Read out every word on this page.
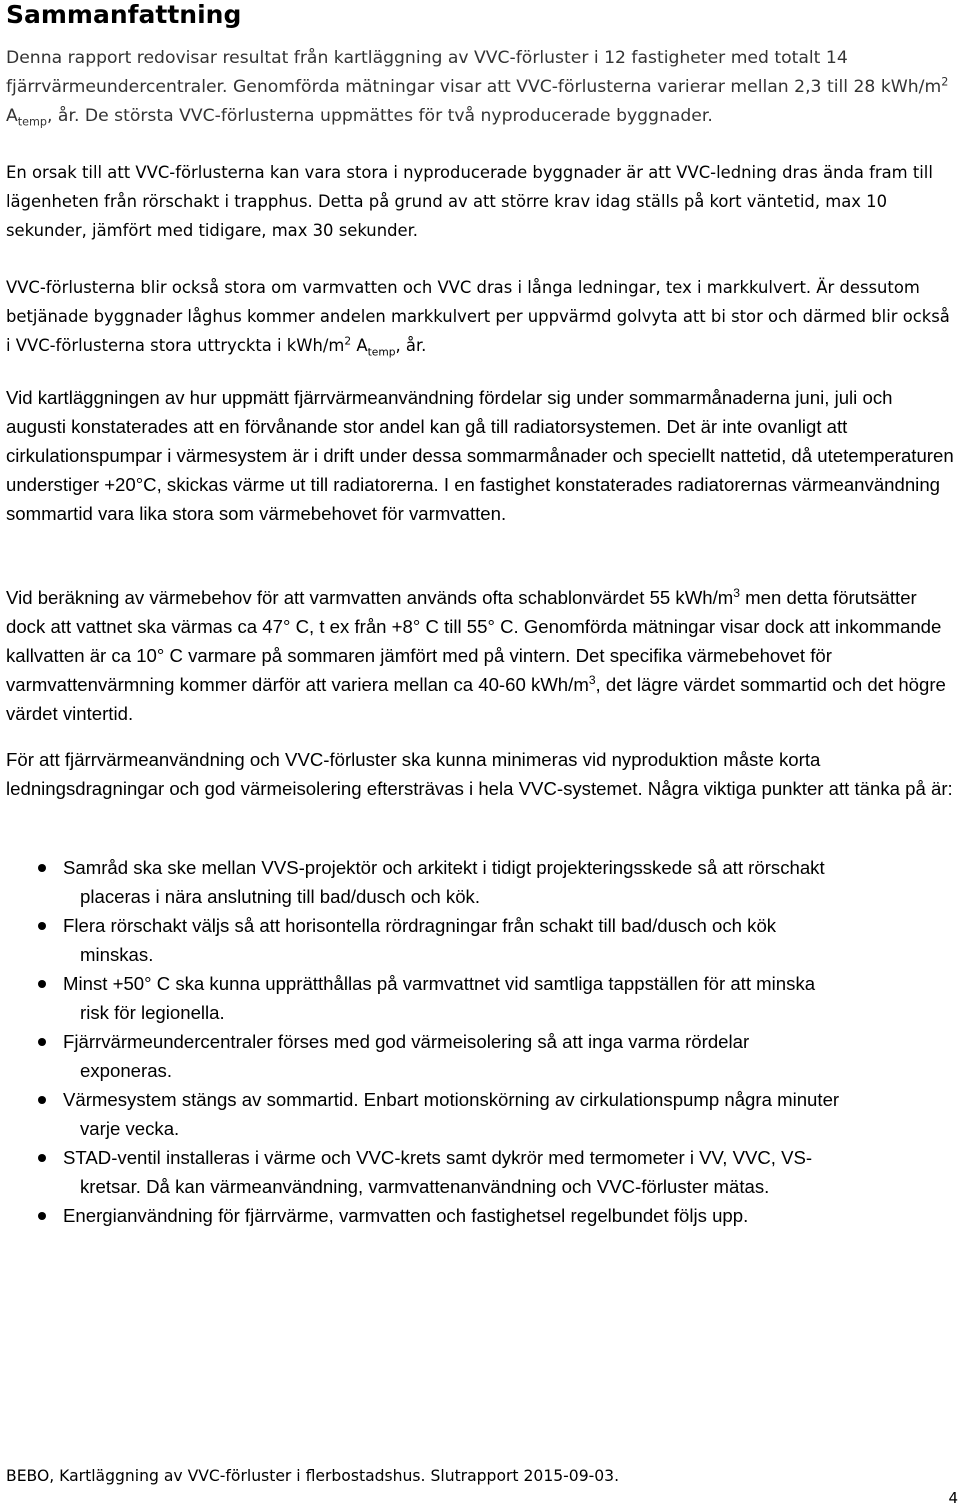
Sammanfattning

Denna rapport redovisar resultat från kartläggning av VVC-förluster i 12 fastigheter med totalt 14 fjärrvärmeundercentraler. Genomförda mätningar visar att VVC-förlusterna varierar mellan 2,3 till 28 kWh/$m^2$ $A_{temp}$, år. De största VVC-förlusterna uppmättes för två nyproducerade byggnader.

En orsak till att VVC-förlusterna kan vara stora i nyproducerade byggnader är att VVC-ledning dras ända fram till lägenheten från rörschakt i trapphus. Detta på grund av att större krav idag ställs på kort väntetid, max 10 sekunder, jämfört med tidigare, max 30 sekunder.

VVC-förlusterna blir också stora om varmvatten och VVC dras i långa ledningar, tex i markkulvert. Är dessutom betjänade byggnader låghus kommer andelen markkulvert per uppvärmd golvyta att bi stor och därmed blir också i VVC-förlusterna stora uttryckta i kWh/$m^2$ $A_{temp}$, år.

Vid kartläggningen av hur uppmätt fjärrvärmeanvändning fördelar sig under sommarmånaderna juni, juli och augusti konstaterades att en förvånande stor andel kan gå till radiatorsystemen. Det är inte ovanligt att cirkulationspumpar i värmesystem är i drift under dessa sommarmånader och speciellt nattetid, då utetemperaturen understiger +20°C, skickas värme ut till radiatorerna. I en fastighet konstaterades radiatorernas värmeanvändning sommartid vara lika stora som värmebehovet för varmvatten.

Vid beräkning av värmebehov för att varmvatten används ofta schablonvärdet 55 kWh/$m^3$ men detta förutsätter dock att vattnet ska värmas ca 47° C, t ex från +8° C till 55° C. Genomförda mätningar visar dock att inkommande kallvatten är ca 10° C varmare på sommaren jämfört med på vintern. Det specifika värmebehovet för varmvattenvärmning kommer därför att variera mellan ca 40-60 kWh/$m^3$, det lägre värdet sommartid och det högre värdet vintertid.

För att fjärrvärmeanvändning och VVC-förluster ska kunna minimeras vid nyproduktion måste korta ledningsdragningar och god värmeisolering eftersträvas i hela VVC-systemet. Några viktiga punkter att tänka på är:

Samråd ska ske mellan VVS-projektör och arkitekt i tidigt projekteringsskede så att rörschakt
placeras i nära anslutning till bad/dusch och kök.
Flera rörschakt väljs så att horisontella rördragningar från schakt till bad/dusch och kök
minskas.
Minst +50° C ska kunna upprätthållas på varmvattnet vid samtliga tappställen för att minska
risk för legionella.
Fjärrvärmeundercentraler förses med god värmeisolering så att inga varma rördelar
exponeras.
Värmesystem stängs av sommartid. Enbart motionskörning av cirkulationspump några minuter
varje vecka.
STAD-ventil installeras i värme och VVC-krets samt dykrör med termometer i VV, VVC, VS-
kretsar. Då kan värmeanvändning, varmvattenanvändning och VVC-förluster mätas.
Energianvändning för fjärrvärme, varmvatten och fastighetsel regelbundet följs upp.
BEBO, Kartläggning av VVC-förluster i flerbostadshus. Slutrapport 2015-09-03.
4
